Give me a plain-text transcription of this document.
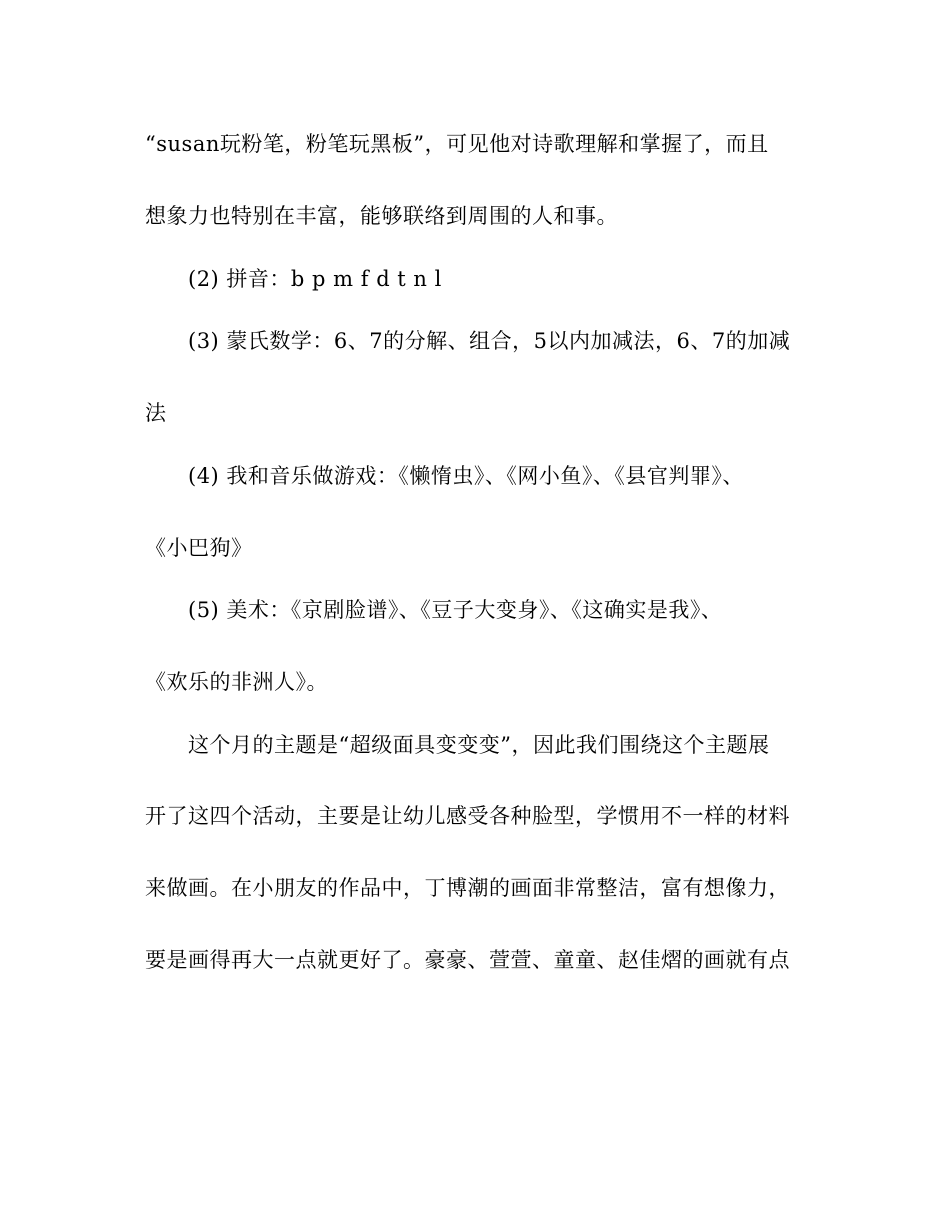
“susan玩粉笔，粉笔玩黑板”，可见他对诗歌理解和掌握了，而且
想象力也特别在丰富，能够联络到周围的人和事。
(2) 拼音：b p m f d t n l
(3) 蒙氏数学：6、7的分解、组合，5以内加减法，6、7的加减
法
(4) 我和音乐做游戏：《懒惰虫》、《网小鱼》、《县官判罪》、
《小巴狗》
(5) 美术：《京剧脸谱》、《豆子大变身》、《这确实是我》、
《欢乐的非洲人》。
这个月的主题是“超级面具变变变”，因此我们围绕这个主题展
开了这四个活动，主要是让幼儿感受各种脸型，学惯用不一样的材料
来做画。在小朋友的作品中，丁博潮的画面非常整洁，富有想像力，
要是画得再大一点就更好了。豪豪、萱萱、童童、赵佳熠的画就有点
